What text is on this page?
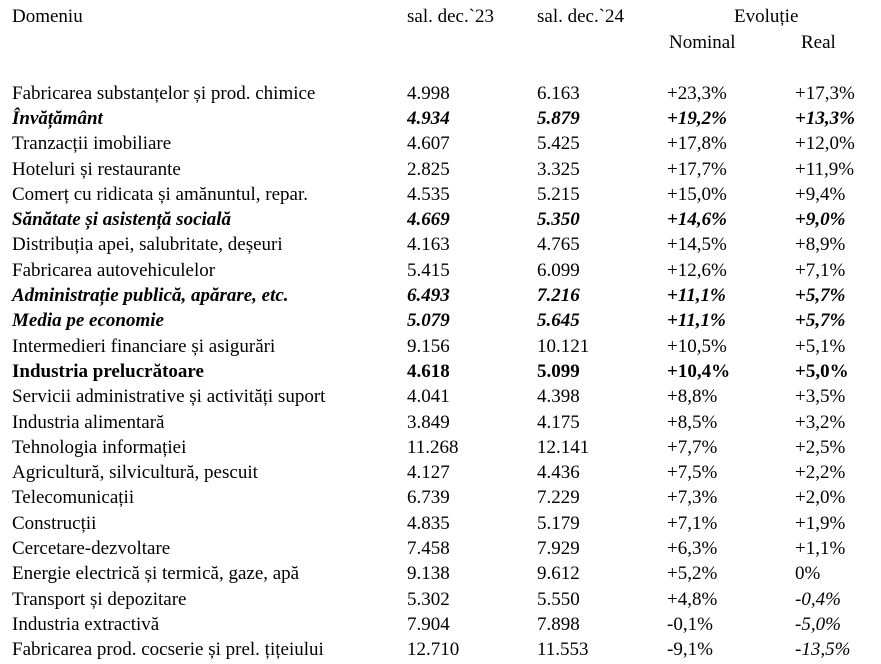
Domeniu	sal. dec.`23 sal. dec.`24	Evoluție
Nominal	Real
Fabricarea substanțelor și prod. chimice	4.998	6.163	+23,3%	+17,3%
Învățământ	4.934	5.879	+19,2%	+13,3%
Tranzacții imobiliare	4.607	5.425	+17,8%	+12,0%
Hoteluri și restaurante	2.825	3.325	+17,7%	+11,9%
Comerț cu ridicata și amănuntul, repar.	4.535	5.215	+15,0%	+9,4%
Sănătate și asistență socială	4.669	5.350	+14,6%	+9,0%
Distribuția apei, salubritate, deșeuri	4.163	4.765	+14,5%	+8,9%
Fabricarea autovehiculelor	5.415	6.099	+12,6%	+7,1%
Administrație publică, apărare, etc.	6.493	7.216	+11,1%	+5,7%
Media pe economie	5.079	5.645	+11,1%	+5,7%
Intermedieri financiare și asigurări	9.156	10.121	+10,5%	+5,1%
Industria prelucrătoare	4.618	5.099	+10,4%	+5,0%
Servicii administrative și activități suport	4.041	4.398	+8,8%	+3,5%
Industria alimentară	3.849	4.175	+8,5%	+3,2%
Tehnologia informației	11.268	12.141	+7,7%	+2,5%
Agricultură, silvicultură, pescuit	4.127	4.436	+7,5%	+2,2%
Telecomunicații	6.739	7.229	+7,3%	+2,0%
Construcții	4.835	5.179	+7,1%	+1,9%
Cercetare-dezvoltare	7.458	7.929	+6,3%	+1,1%
Energie electrică și termică, gaze, apă	9.138	9.612	+5,2%	0%
Transport și depozitare	5.302	5.550	+4,8%	-0,4%
Industria extractivă	7.904	7.898	-0,1%	-5,0%
Fabricarea prod. cocserie și prel. țițeiului	12.710	11.553	-9,1%	-13,5%
